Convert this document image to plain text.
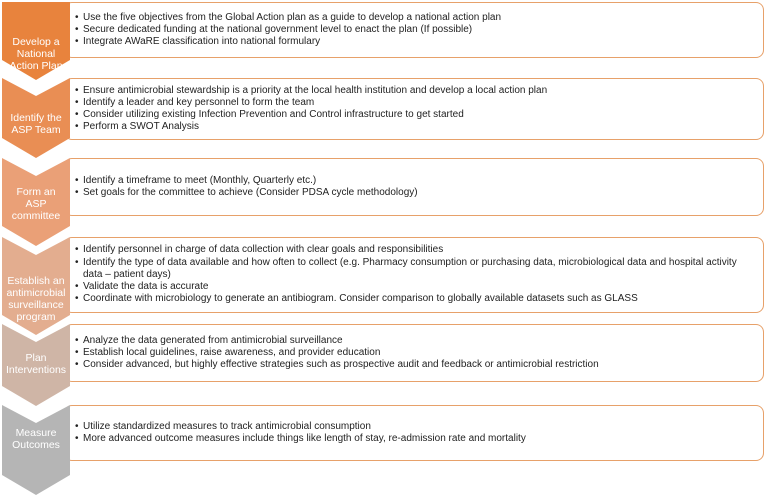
• Use the five objectives from the Global Action plan as a guide to develop a national action plan
• Secure dedicated funding at the national government level to enact the plan (If possible)
• Integrate AWaRE classification into national formulary
Develop a
National
Action Plan
• Ensure antimicrobial stewardship is a priority at the local health institution and develop a local action plan
• Identify a leader and key personnel to form the team
• Consider utilizing existing Infection Prevention and Control infrastructure to get started
• Perform a SWOT Analysis
Identify the
ASP Team
• Identify a timeframe to meet (Monthly, Quarterly etc.)
• Set goals for the committee to achieve (Consider PDSA cycle methodology)
Form an
ASP
committee
• Identify personnel in charge of data collection with clear goals and responsibilities
• Identify the type of data available and how often to collect (e.g. Pharmacy consumption or purchasing data, microbiological data and hospital activity data – patient days)
• Validate the data is accurate
• Coordinate with microbiology to generate an antibiogram. Consider comparison to globally available datasets such as GLASS
Establish an
antimicrobial
surveillance
program
• Analyze the data generated from antimicrobial surveillance
• Establish local guidelines, raise awareness, and provider education
• Consider advanced, but highly effective strategies such as prospective audit and feedback or antimicrobial restriction
Plan
Interventions
• Utilize standardized measures to track antimicrobial consumption
• More advanced outcome measures include things like length of stay, re-admission rate and mortality
Measure
Outcomes
